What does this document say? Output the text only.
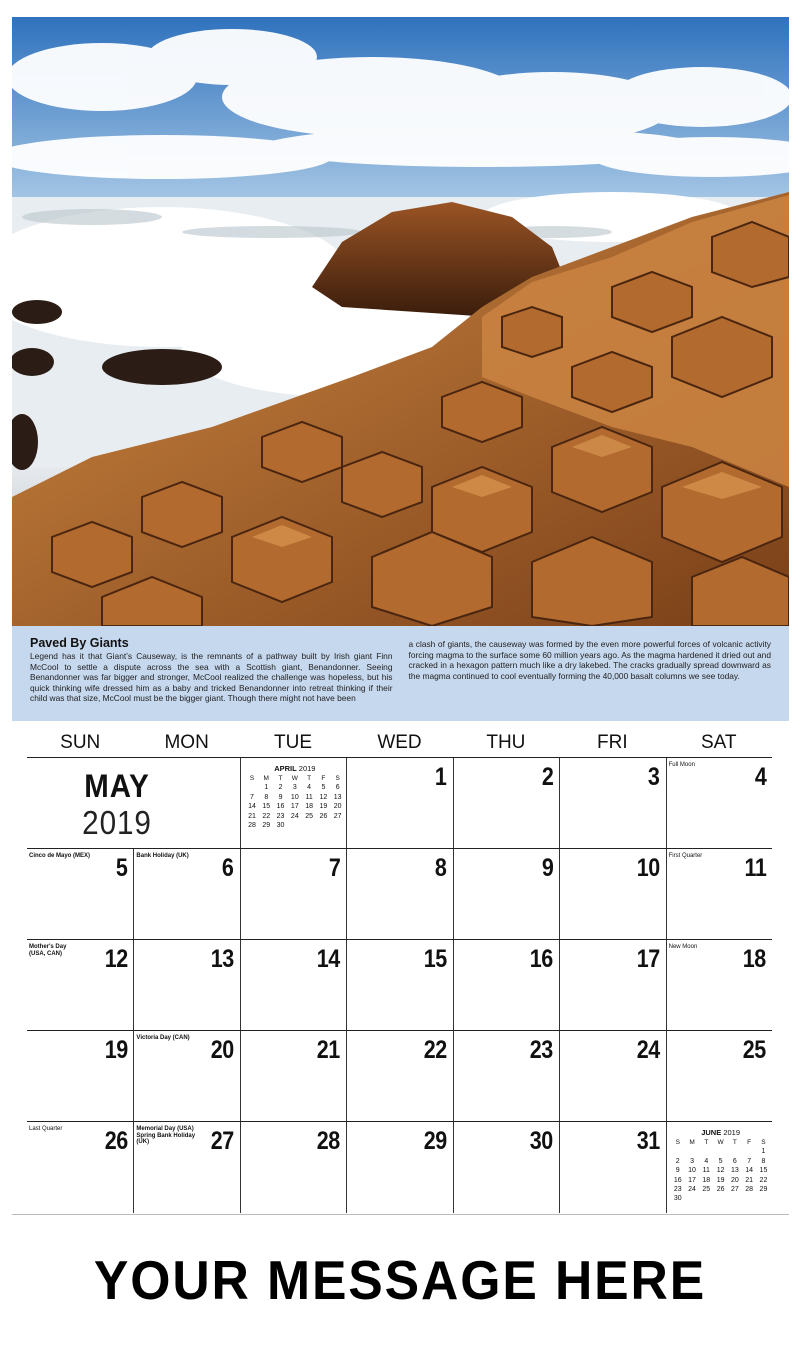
Paved By Giants

Legend has it that Giant’s Causeway, is the remnants of a pathway built by Irish giant Finn McCool to settle a dispute across the sea with a Scottish giant, Benandonner. Seeing Benandonner was far bigger and stronger, McCool realized the challenge was hopeless, but his quick thinking wife dressed him as a baby and tricked Benandonner into retreat thinking if their child was that size, McCool must be the bigger giant. Though there might not have been

a clash of giants, the causeway was formed by the even more powerful forces of volcanic activity forcing magma to the surface some 60 million years ago. As the magma hardened it dried out and cracked in a hexagon pattern much like a dry lakebed. The cracks gradually spread downward as the magma continued to cool eventually forming the 40,000 basalt columns we see today.

SUN	MON	TUE	WED	THU	FRI	SAT
MAY
2019
APRIL 2019
S	M	T	W	T	F	S
	1	2	3	4	5	6
7	8	9	10	11	12	13
14	15	16	17	18	19	20
21	22	23	24	25	26	27
28	29	30				
1	2	3 Full Moon 4
Cinco de Mayo (MEX) 5 Bank Holiday (UK) 6	7	8	9	10 First Quarter 11
Mother's Day (USA, CAN)	12	13	14	15	16	17 New Moon 18
19 Victoria Day (CAN) 20	21	22	23	24	25
Last Quarter 26 Memorial Day (USA) Spring Bank Holiday (UK)	27	28	29	30	31	JUNE 2019
S	M	T	W	T	F	S
						1
2	3	4	5	6	7	8
9	10	11	12	13	14	15
16	17	18	19	20	21	22
23	24	25	26	27	28	29
30						
YOUR MESSAGE HERE
